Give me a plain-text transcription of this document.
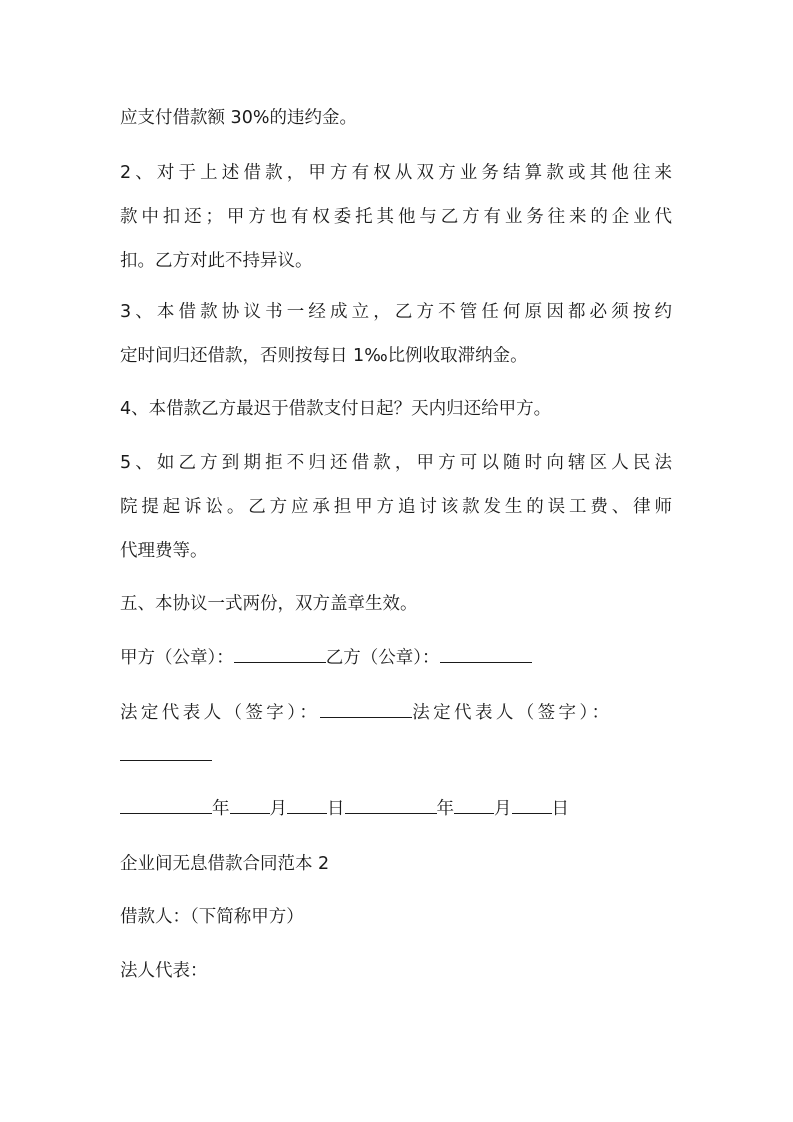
应支付借款额 30%的违约金。
2、对于上述借款，甲方有权从双方业务结算款或其他往来
款中扣还；甲方也有权委托其他与乙方有业务往来的企业代
扣。乙方对此不持异议。
3、本借款协议书一经成立，乙方不管任何原因都必须按约
定时间归还借款，否则按每日 1‰比例收取滞纳金。
4、本借款乙方最迟于借款支付日起？天内归还给甲方。
5、如乙方到期拒不归还借款，甲方可以随时向辖区人民法
院提起诉讼。乙方应承担甲方追讨该款发生的误工费、律师
代理费等。
五、本协议一式两份，双方盖章生效。
甲方（公章）：	乙方（公章）：
法定代表人（签字）：	法定代表人（签字）：
年 月 日	年 月 日
企业间无息借款合同范本 2
借款人：（下简称甲方）
法人代表：
